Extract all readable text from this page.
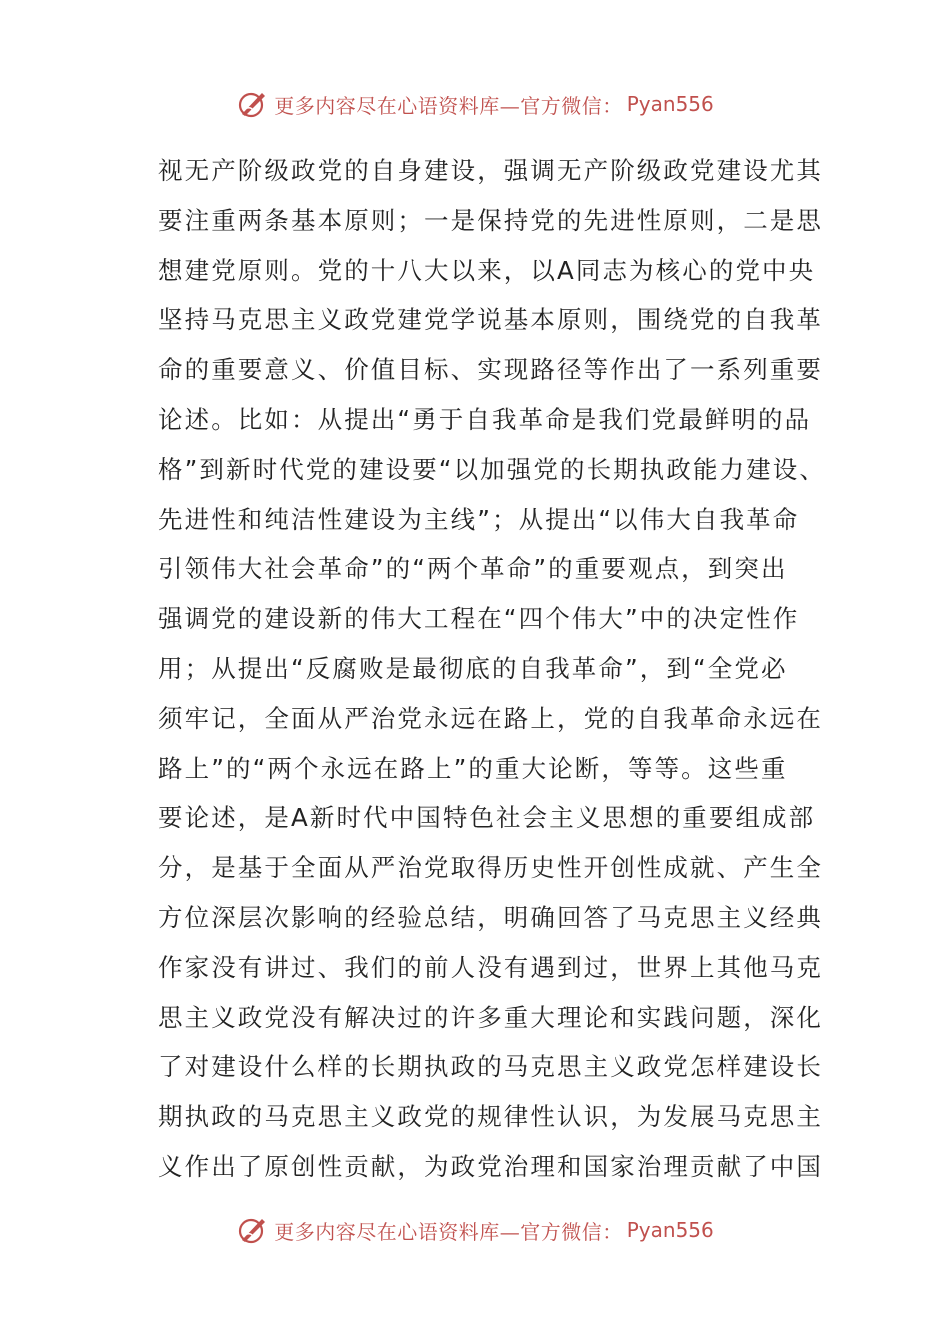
更多内容尽在心语资料库—官方微信： Pyan556
视无产阶级政党的自身建设，强调无产阶级政党建设尤其
要注重两条基本原则；一是保持党的先进性原则，二是思
想建党原则。党的十八大以来，以A同志为核心的党中央
坚持马克思主义政党建党学说基本原则，围绕党的自我革
命的重要意义、价值目标、实现路径等作出了一系列重要
论述。比如：从提出“勇于自我革命是我们党最鲜明的品
格”到新时代党的建设要“以加强党的长期执政能力建设、
先进性和纯洁性建设为主线”；从提出“以伟大自我革命
引领伟大社会革命”的“两个革命”的重要观点，到突出
强调党的建设新的伟大工程在“四个伟大”中的决定性作
用；从提出“反腐败是最彻底的自我革命”，到“全党必
须牢记，全面从严治党永远在路上，党的自我革命永远在
路上”的“两个永远在路上”的重大论断，等等。这些重
要论述，是A新时代中国特色社会主义思想的重要组成部
分，是基于全面从严治党取得历史性开创性成就、产生全
方位深层次影响的经验总结，明确回答了马克思主义经典
作家没有讲过、我们的前人没有遇到过，世界上其他马克
思主义政党没有解决过的许多重大理论和实践问题，深化
了对建设什么样的长期执政的马克思主义政党怎样建设长
期执政的马克思主义政党的规律性认识，为发展马克思主
义作出了原创性贡献，为政党治理和国家治理贡献了中国
更多内容尽在心语资料库—官方微信： Pyan556
